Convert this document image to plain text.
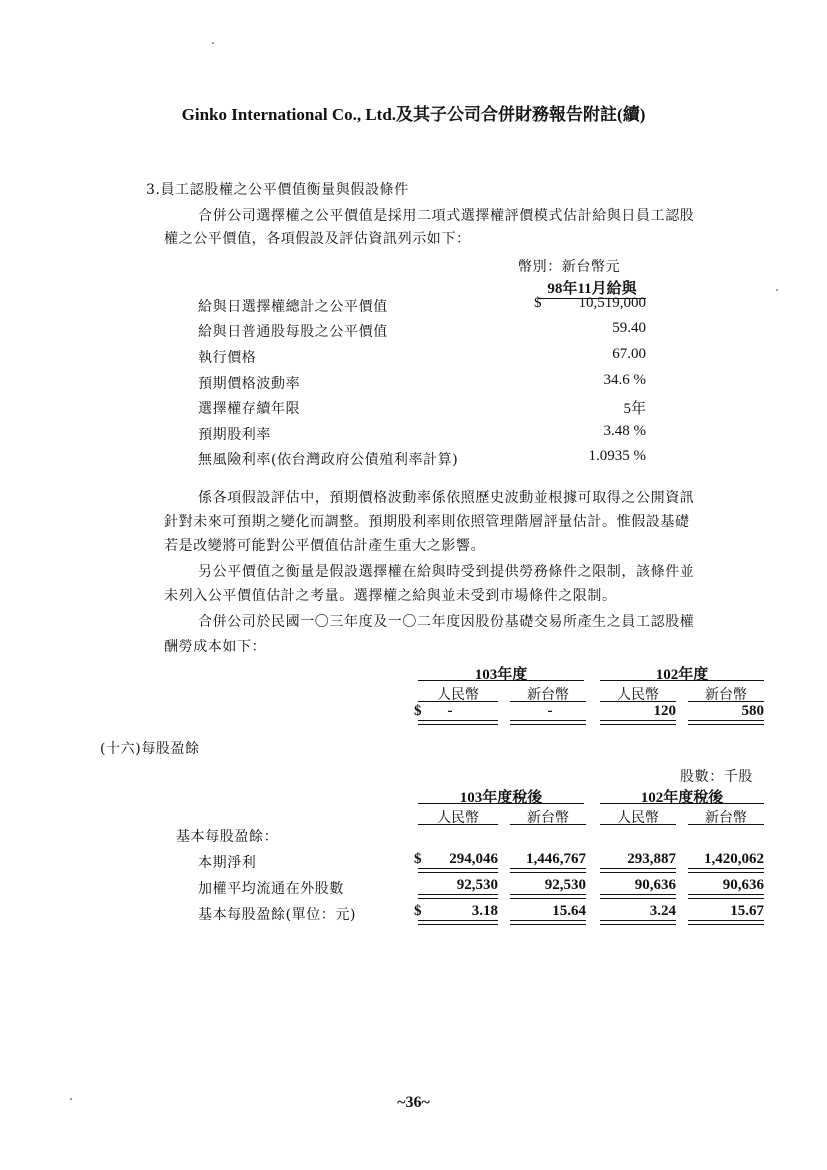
Ginko International Co., Ltd.及其子公司合併財務報告附註(續)
3.員工認股權之公平價值衡量與假設條件
合併公司選擇權之公平價值是採用二項式選擇權評價模式估計給與日員工認股
權之公平價值，各項假設及評估資訊列示如下：
幣別：新台幣元
98年11月給與
給與日選擇權總計之公平價值	$	10,519,000
給與日普通股每股之公平價值	59.40
執行價格	67.00
預期價格波動率	34.6 %
選擇權存續年限	5年
預期股利率	3.48 %
無風險利率(依台灣政府公債殖利率計算)	1.0935 %
係各項假設評估中，預期價格波動率係依照歷史波動並根據可取得之公開資訊
針對未來可預期之變化而調整。預期股利率則依照管理階層評量估計。惟假設基礎
若是改變將可能對公平價值估計產生重大之影響。
另公平價值之衡量是假設選擇權在給與時受到提供勞務條件之限制，該條件並
未列入公平價值估計之考量。選擇權之給與並未受到市場條件之限制。
合併公司於民國一〇三年度及一〇二年度因股份基礎交易所產生之員工認股權
酬勞成本如下：
103年度	102年度
人民幣	新台幣	人民幣	新台幣
$	-	-	120	580
(十六)每股盈餘
股數：千股
103年度稅後	102年度稅後
人民幣	新台幣	人民幣	新台幣
基本每股盈餘：
本期淨利	$	294,046	1,446,767	293,887	1,420,062
加權平均流通在外股數	92,530	92,530	90,636	90,636
基本每股盈餘(單位：元)	$	3.18	15.64	3.24	15.67
~36~
